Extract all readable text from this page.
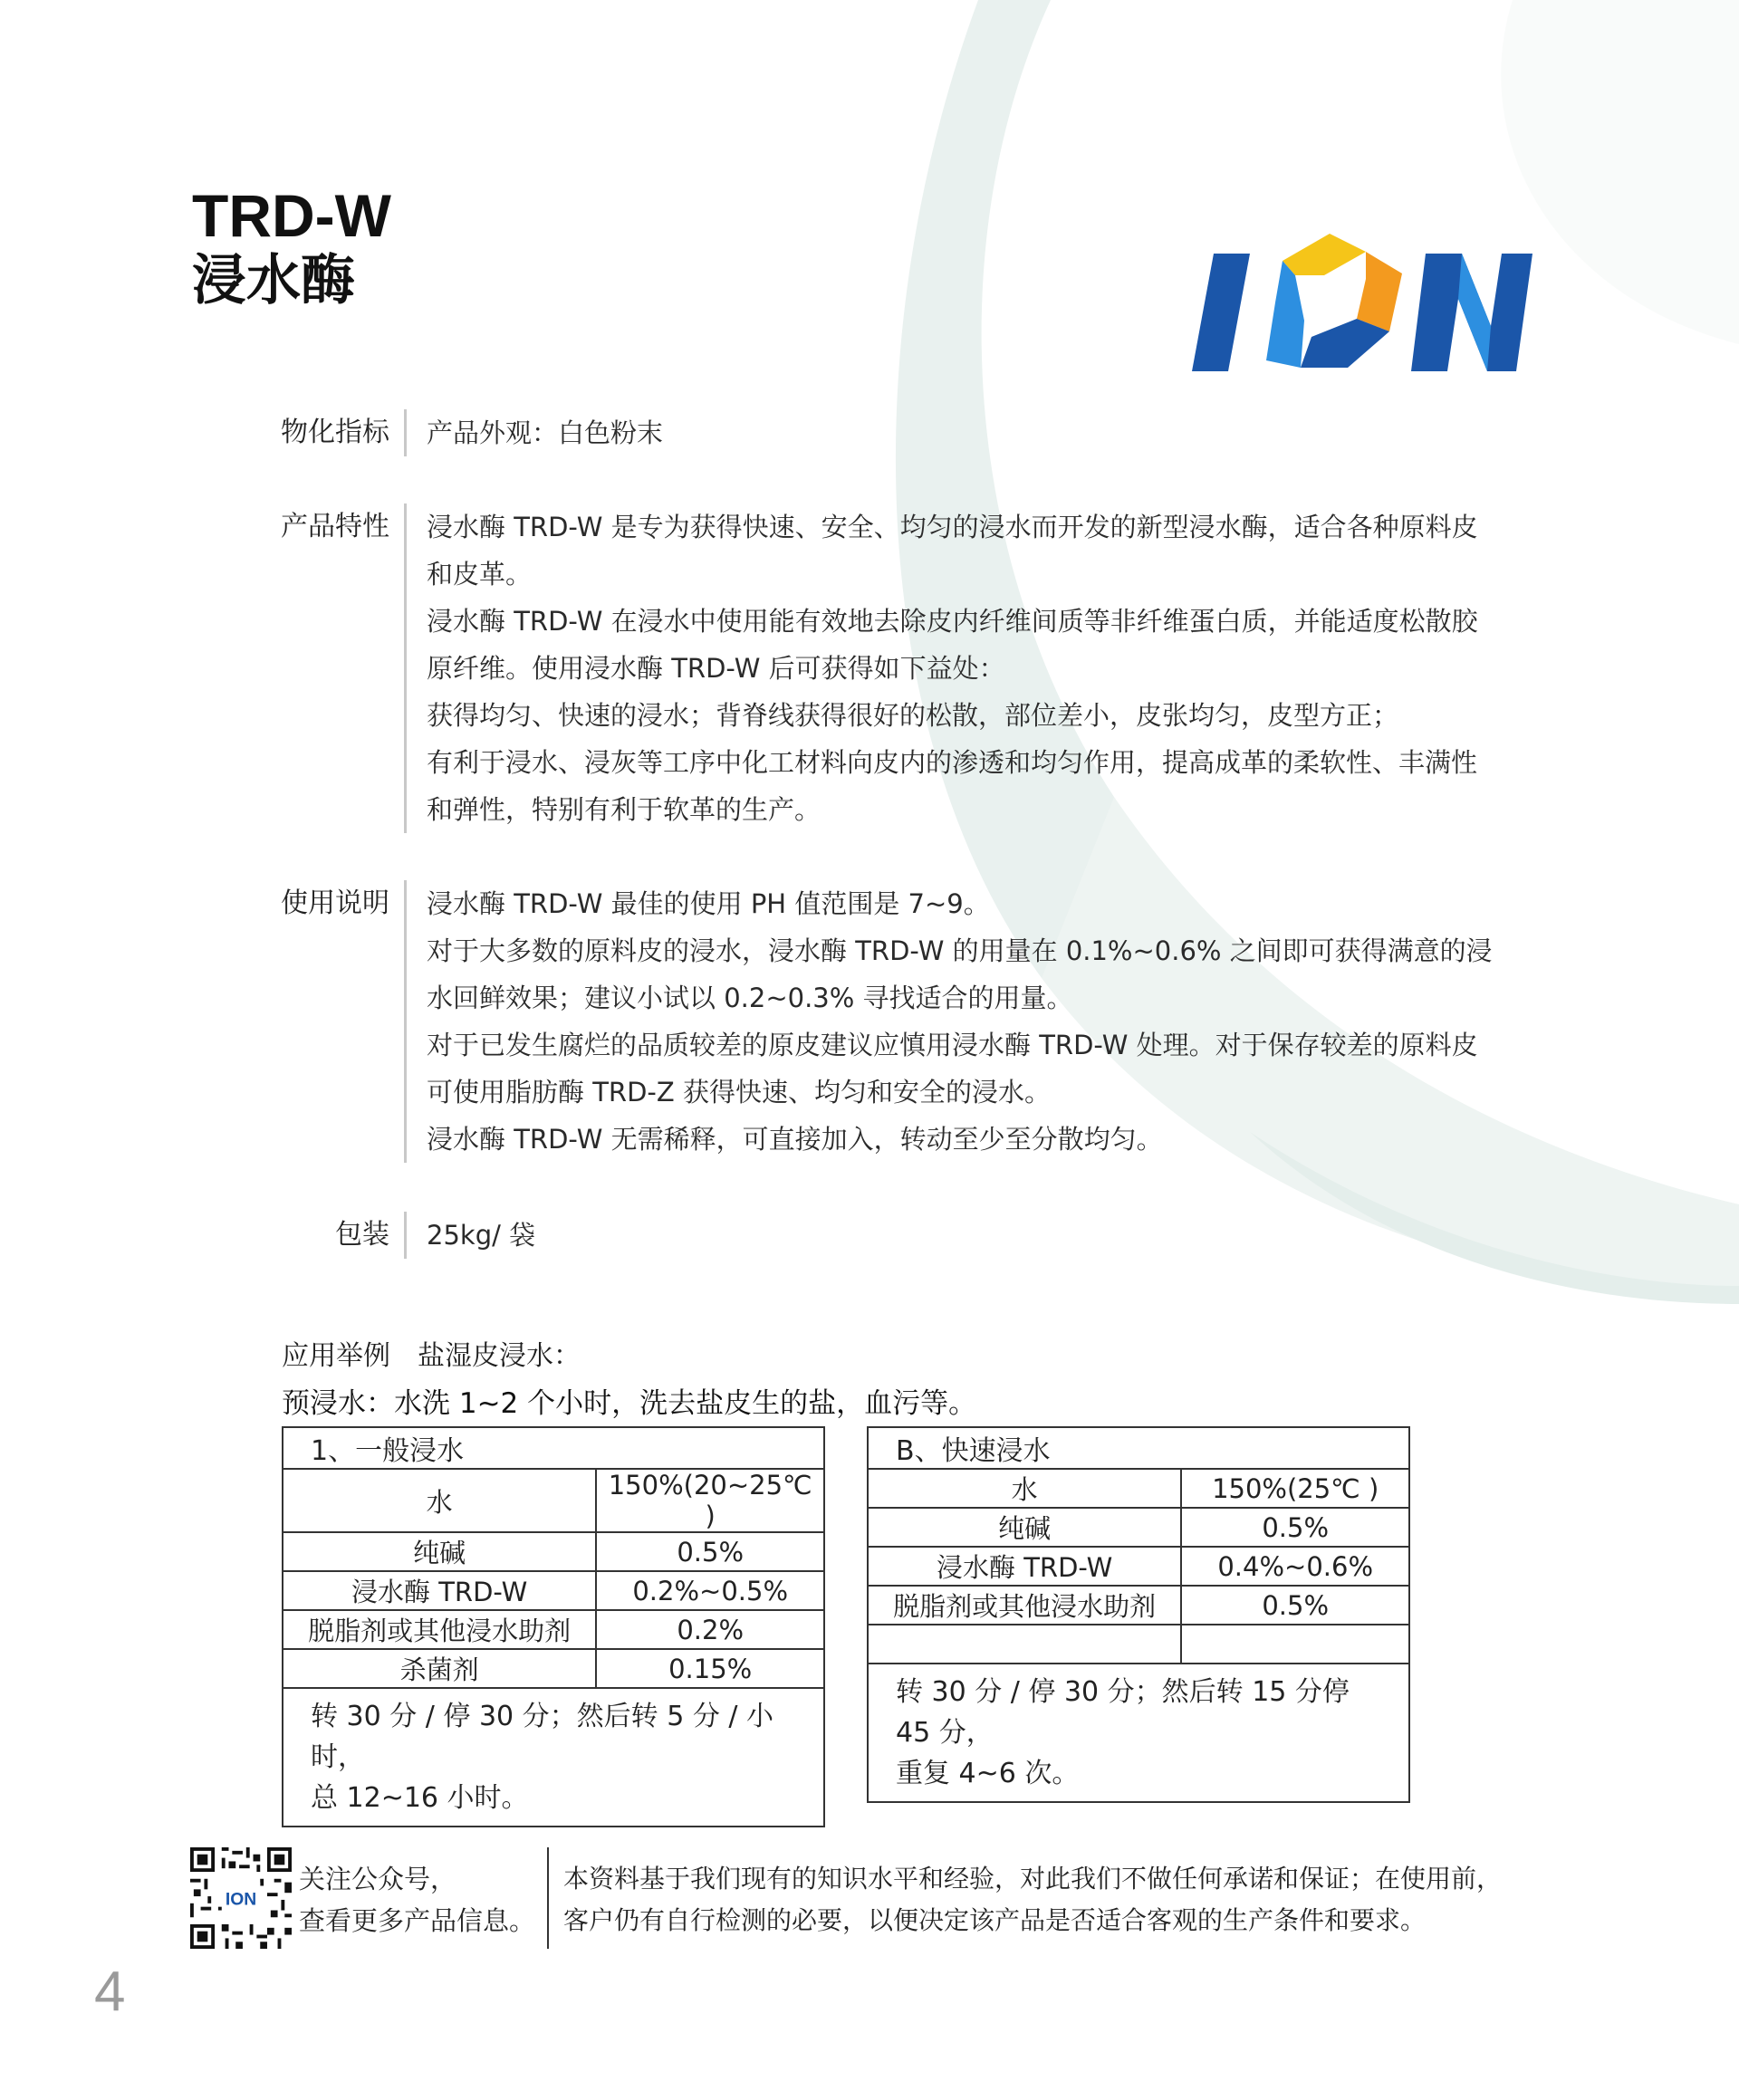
TRD-W
浸水酶
物化指标 产品外观：白色粉末

产品特性 浸水酶 TRD-W 是专为获得快速、安全、均匀的浸水而开发的新型浸水酶，适合各种原料皮

和皮革。

浸水酶 TRD-W 在浸水中使用能有效地去除皮内纤维间质等非纤维蛋白质，并能适度松散胶

原纤维。使用浸水酶 TRD-W 后可获得如下益处：

获得均匀、快速的浸水；背脊线获得很好的松散，部位差小，皮张均匀，皮型方正；

有利于浸水、浸灰等工序中化工材料向皮内的渗透和均匀作用，提高成革的柔软性、丰满性

和弹性，特别有利于软革的生产。

使用说明 浸水酶 TRD-W 最佳的使用 PH 值范围是 7~9。

对于大多数的原料皮的浸水，浸水酶 TRD-W 的用量在 0.1%~0.6% 之间即可获得满意的浸

水回鲜效果；建议小试以 0.2~0.3% 寻找适合的用量。

对于已发生腐烂的品质较差的原皮建议应慎用浸水酶 TRD-W 处理。对于保存较差的原料皮

可使用脂肪酶 TRD-Z 获得快速、均匀和安全的浸水。

浸水酶 TRD-W 无需稀释，可直接加入，转动至少至分散均匀。

包装 25kg/ 袋

应用举例 盐湿皮浸水：
预浸水：水洗 1~2 个小时，洗去盐皮生的盐，血污等。
1、一般浸水	
水	150%(20~25℃ )
纯碱	0.5%
浸水酶 TRD-W	0.2%~0.5%
脱脂剂或其他浸水助剂	0.2%
杀菌剂	0.15%

转 30 分 / 停 30 分；然后转 5 分 / 小时，
总 12~16 小时。	
B、快速浸水	
水	150%(25℃ )
纯碱	0.5%
浸水酶 TRD-W	0.4%~0.6%
脱脂剂或其他浸水助剂	0.5%

转 30 分 / 停 30 分；然后转 15 分停 45 分，
重复 4~6 次。	
ION
关注公众号，
查看更多产品信息。
本资料基于我们现有的知识水平和经验，对此我们不做任何承诺和保证；在使用前，
客户仍有自行检测的必要，以便决定该产品是否适合客观的生产条件和要求。
4
